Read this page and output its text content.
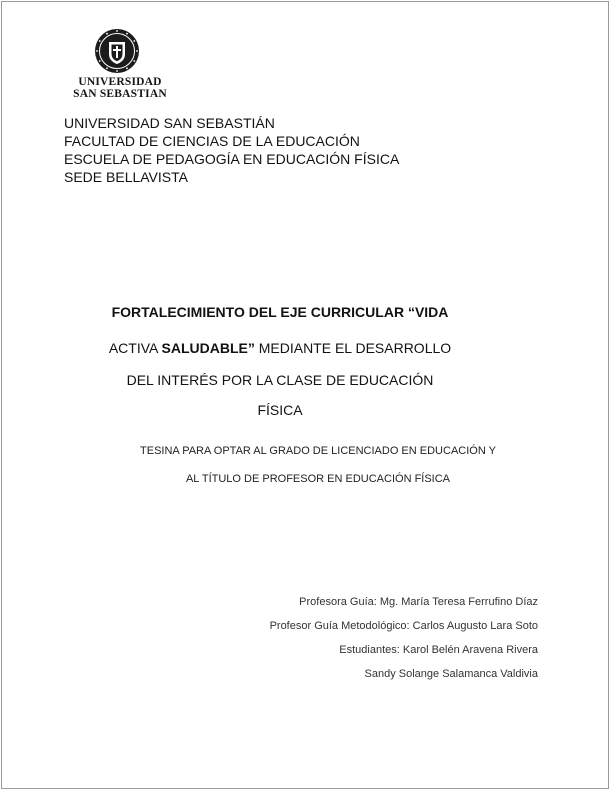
UNIVERSIDAD
SAN SEBASTIAN
UNIVERSIDAD SAN SEBASTIÁN
FACULTAD DE CIENCIAS DE LA EDUCACIÓN
ESCUELA DE PEDAGOGÍA EN EDUCACIÓN FÍSICA
SEDE BELLAVISTA
FORTALECIMIENTO DEL EJE CURRICULAR “VIDA
ACTIVA SALUDABLE” MEDIANTE EL DESARROLLO
DEL INTERÉS POR LA CLASE DE EDUCACIÓN
FÍSICA
TESINA PARA OPTAR AL GRADO DE LICENCIADO EN EDUCACIÓN Y
AL TÍTULO DE PROFESOR EN EDUCACIÓN FÍSICA
Profesora Guía: Mg. María Teresa Ferrufino Díaz
Profesor Guía Metodológico: Carlos Augusto Lara Soto
Estudiantes: Karol Belén Aravena Rivera
Sandy Solange Salamanca Valdivia
